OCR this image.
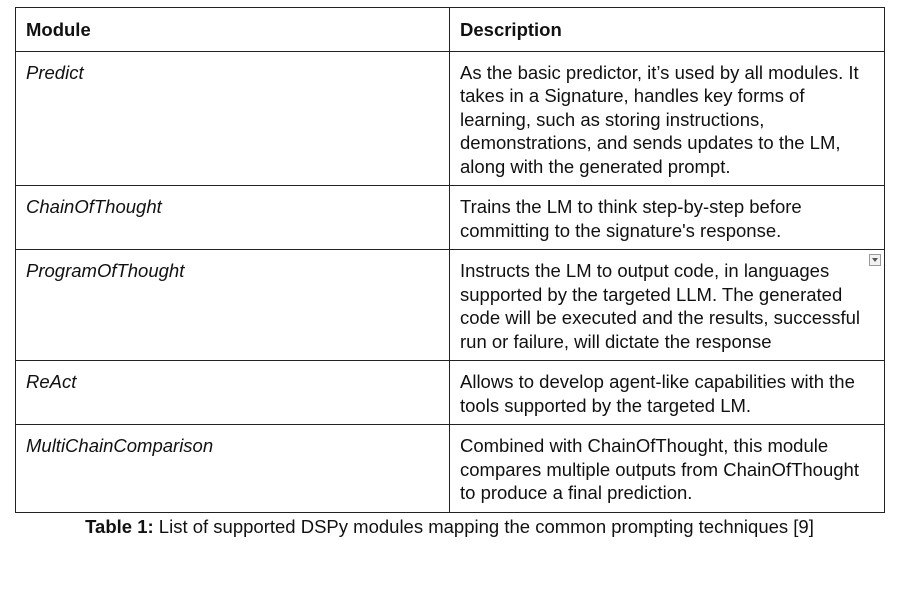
Module	Description
Predict	As the basic predictor, it’s used by all modules. It takes in a Signature, handles key forms of learning, such as storing instructions, demonstrations, and sends updates to the LM, along with the generated prompt.
ChainOfThought	Trains the LM to think step-by-step before committing to the signature's response.
ProgramOfThought	Instructs the LM to output code, in languages supported by the targeted LLM. The generated code will be executed and the results, successful run or failure, will dictate the response

ReAct	Allows to develop agent-like capabilities with the tools supported by the targeted LM.
MultiChainComparison	Combined with ChainOfThought, this module compares multiple outputs from ChainOfThought to produce a final prediction.
Table 1: List of supported DSPy modules mapping the common prompting techniques [9]
